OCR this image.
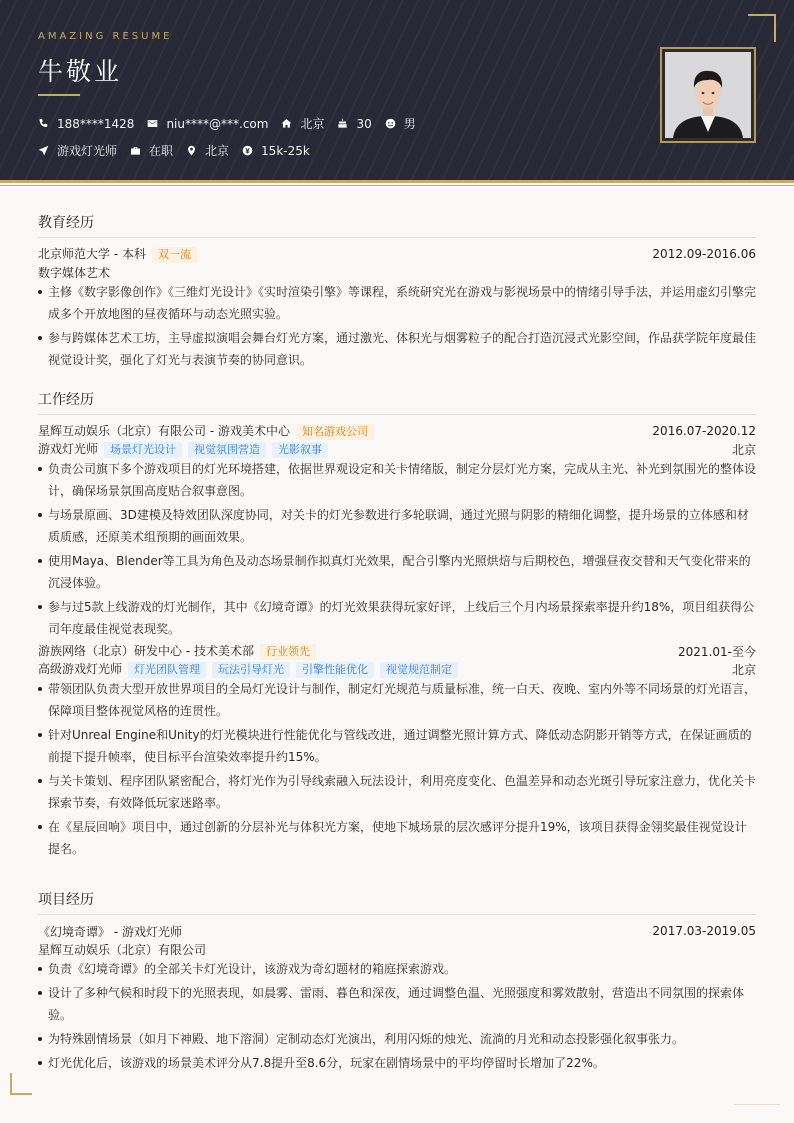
AMAZING RESUME
牛敬业
188****1428	niu****@***.com	北京	30	男
游戏灯光师	在职	北京	15k-25k
教育经历
北京师范大学 - 本科 双一流	2012.09-2016.06
数字媒体艺术
主修《数字影像创作》《三维灯光设计》《实时渲染引擎》等课程，系统研究光在游戏与影视场景中的情绪引导手法，并运用虚幻引擎完成多个开放地图的昼夜循环与动态光照实验。
参与跨媒体艺术工坊，主导虚拟演唱会舞台灯光方案，通过激光、体积光与烟雾粒子的配合打造沉浸式光影空间，作品获学院年度最佳视觉设计奖，强化了灯光与表演节奏的协同意识。
工作经历
星辉互动娱乐（北京）有限公司 - 游戏美术中心 知名游戏公司	2016.07-2020.12
游戏灯光师 场景灯光设计 视觉氛围营造 光影叙事	北京
负责公司旗下多个游戏项目的灯光环境搭建，依据世界观设定和关卡情绪版，制定分层灯光方案，完成从主光、补光到氛围光的整体设计，确保场景氛围高度贴合叙事意图。
与场景原画、3D建模及特效团队深度协同，对关卡的灯光参数进行多轮联调，通过光照与阴影的精细化调整，提升场景的立体感和材质质感，还原美术组预期的画面效果。
使用Maya、Blender等工具为角色及动态场景制作拟真灯光效果，配合引擎内光照烘焙与后期校色，增强昼夜交替和天气变化带来的沉浸体验。
参与过5款上线游戏的灯光制作，其中《幻境奇谭》的灯光效果获得玩家好评，上线后三个月内场景探索率提升约18%，项目组获得公司年度最佳视觉表现奖。
游族网络（北京）研发中心 - 技术美术部 行业领先	2021.01-至今
高级游戏灯光师 灯光团队管理 玩法引导灯光 引擎性能优化 视觉规范制定	北京
带领团队负责大型开放世界项目的全局灯光设计与制作，制定灯光规范与质量标准，统一白天、夜晚、室内外等不同场景的灯光语言，保障项目整体视觉风格的连贯性。
针对Unreal Engine和Unity的灯光模块进行性能优化与管线改进，通过调整光照计算方式、降低动态阴影开销等方式，在保证画质的前提下提升帧率，使目标平台渲染效率提升约15%。
与关卡策划、程序团队紧密配合，将灯光作为引导线索融入玩法设计，利用亮度变化、色温差异和动态光斑引导玩家注意力，优化关卡探索节奏，有效降低玩家迷路率。
在《星辰回响》项目中，通过创新的分层补光与体积光方案，使地下城场景的层次感评分提升19%，该项目获得金翎奖最佳视觉设计提名。
项目经历
《幻境奇谭》 - 游戏灯光师	2017.03-2019.05
星辉互动娱乐（北京）有限公司
负责《幻境奇谭》的全部关卡灯光设计，该游戏为奇幻题材的箱庭探索游戏。
设计了多种气候和时段下的光照表现，如晨雾、雷雨、暮色和深夜，通过调整色温、光照强度和雾效散射，营造出不同氛围的探索体验。
为特殊剧情场景（如月下神殿、地下溶洞）定制动态灯光演出，利用闪烁的烛光、流淌的月光和动态投影强化叙事张力。
灯光优化后，该游戏的场景美术评分从7.8提升至8.6分，玩家在剧情场景中的平均停留时长增加了22%。
